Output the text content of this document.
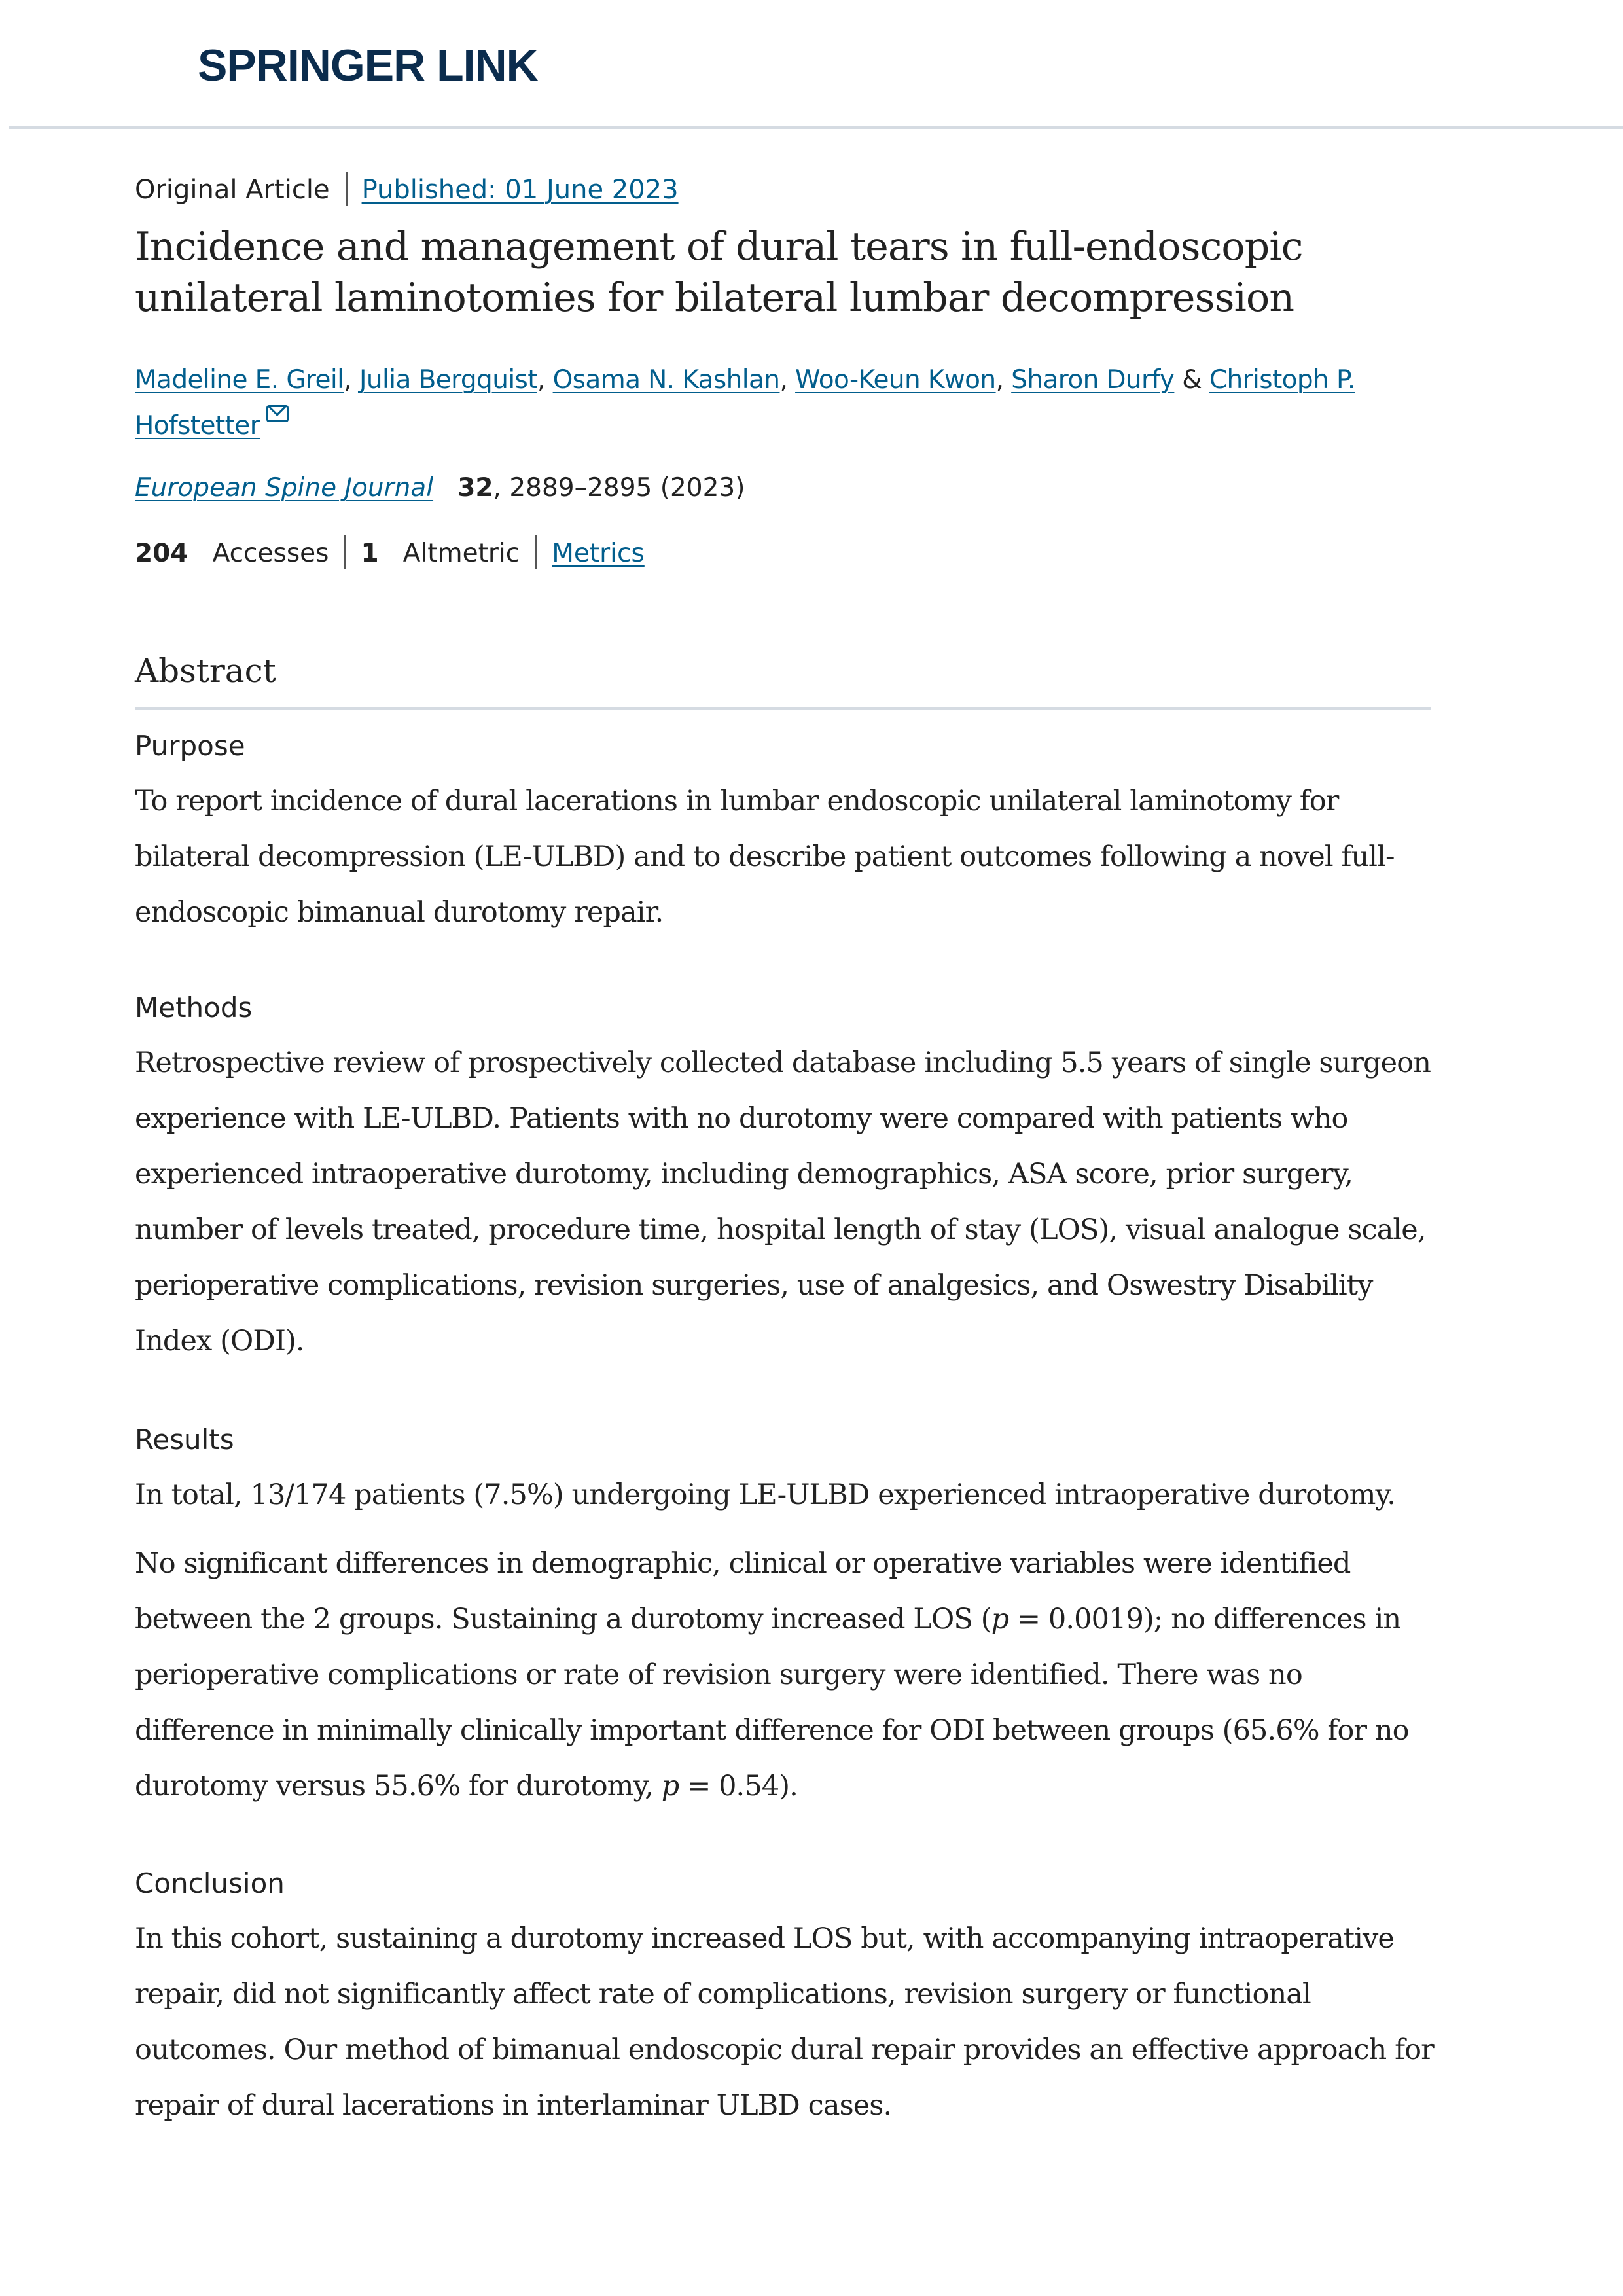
SPRINGER LINK
Original Article Published: 01 June 2023
Incidence and management of dural tears in full-endoscopic unilateral laminotomies for bilateral lumbar decompression
Madeline E. Greil, Julia Bergquist, Osama N. Kashlan, Woo-Keun Kwon, Sharon Durfy & Christoph P. Hofstetter
European Spine Journal 32, 2889–2895 (2023)
204 Accesses 1 Altmetric Metrics
Abstract
Purpose

To report incidence of dural lacerations in lumbar endoscopic unilateral laminotomy for bilateral decompression (LE-ULBD) and to describe patient outcomes following a novel full-endoscopic bimanual durotomy repair.

Methods

Retrospective review of prospectively collected database including 5.5 years of single surgeon experience with LE-ULBD. Patients with no durotomy were compared with patients who experienced intraoperative durotomy, including demographics, ASA score, prior surgery, number of levels treated, procedure time, hospital length of stay (LOS), visual analogue scale, perioperative complications, revision surgeries, use of analgesics, and Oswestry Disability Index (ODI).

Results

In total, 13/174 patients (7.5%) undergoing LE-ULBD experienced intraoperative durotomy.

No significant differences in demographic, clinical or operative variables were identified between the 2 groups. Sustaining a durotomy increased LOS (p = 0.0019); no differences in perioperative complications or rate of revision surgery were identified. There was no difference in minimally clinically important difference for ODI between groups (65.6% for no durotomy versus 55.6% for durotomy, p = 0.54).

Conclusion

In this cohort, sustaining a durotomy increased LOS but, with accompanying intraoperative repair, did not significantly affect rate of complications, revision surgery or functional outcomes. Our method of bimanual endoscopic dural repair provides an effective approach for repair of dural lacerations in interlaminar ULBD cases.
